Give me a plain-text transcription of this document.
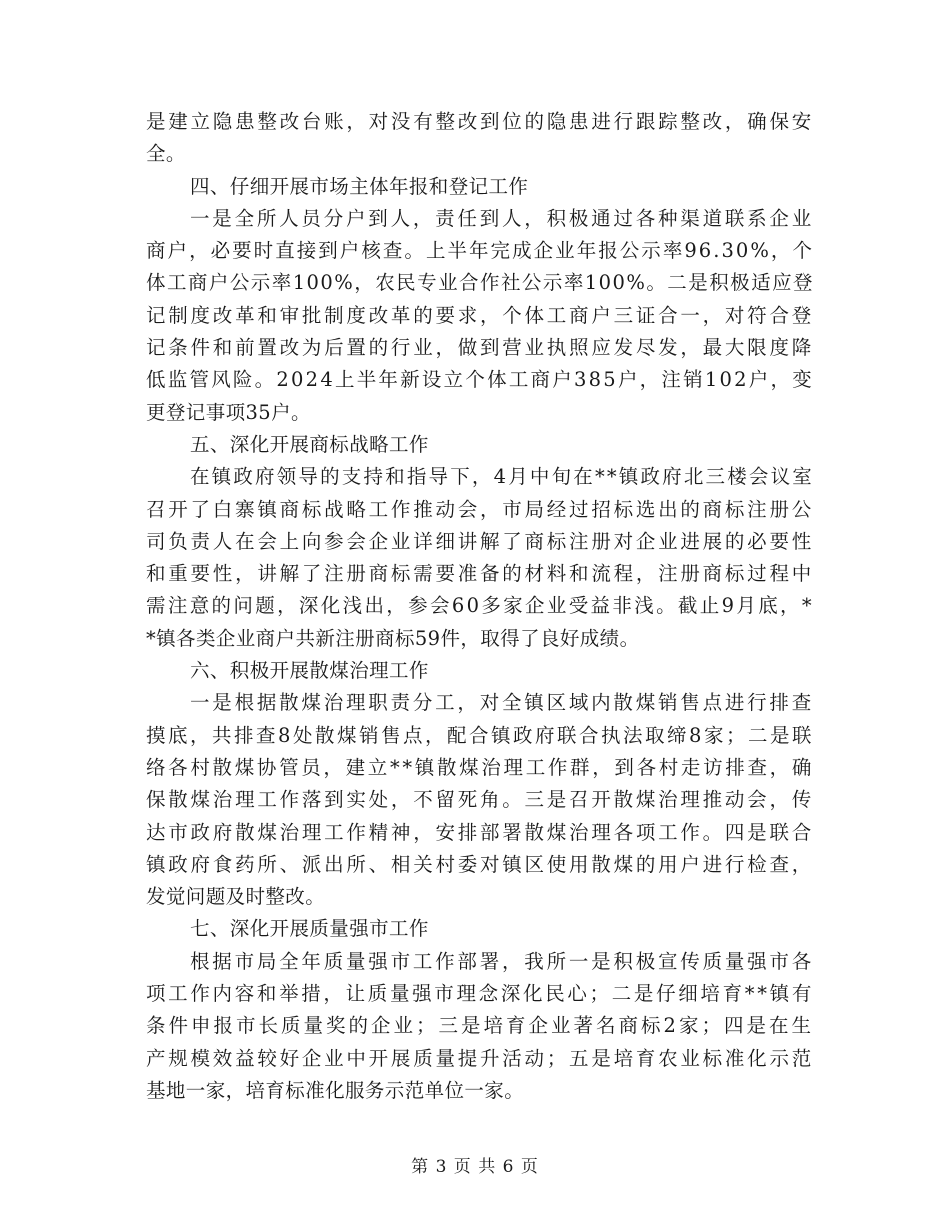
是建立隐患整改台账，对没有整改到位的隐患进行跟踪整改，确保安
全。
四、仔细开展市场主体年报和登记工作
一是全所人员分户到人，责任到人，积极通过各种渠道联系企业
商户，必要时直接到户核查。上半年完成企业年报公示率96.30%，个
体工商户公示率100%，农民专业合作社公示率100%。二是积极适应登
记制度改革和审批制度改革的要求，个体工商户三证合一，对符合登
记条件和前置改为后置的行业，做到营业执照应发尽发，最大限度降
低监管风险。2024上半年新设立个体工商户385户，注销102户，变
更登记事项35户。
五、深化开展商标战略工作
在镇政府领导的支持和指导下，4月中旬在**镇政府北三楼会议室
召开了白寨镇商标战略工作推动会，市局经过招标选出的商标注册公
司负责人在会上向参会企业详细讲解了商标注册对企业进展的必要性
和重要性，讲解了注册商标需要准备的材料和流程，注册商标过程中
需注意的问题，深化浅出，参会60多家企业受益非浅。截止9月底，*
*镇各类企业商户共新注册商标59件，取得了良好成绩。
六、积极开展散煤治理工作
一是根据散煤治理职责分工，对全镇区域内散煤销售点进行排查
摸底，共排查8处散煤销售点，配合镇政府联合执法取缔8家；二是联
络各村散煤协管员，建立**镇散煤治理工作群，到各村走访排查，确
保散煤治理工作落到实处，不留死角。三是召开散煤治理推动会，传
达市政府散煤治理工作精神，安排部署散煤治理各项工作。四是联合
镇政府食药所、派出所、相关村委对镇区使用散煤的用户进行检查，
发觉问题及时整改。
七、深化开展质量强市工作
根据市局全年质量强市工作部署，我所一是积极宣传质量强市各
项工作内容和举措，让质量强市理念深化民心；二是仔细培育**镇有
条件申报市长质量奖的企业；三是培育企业著名商标2家；四是在生
产规模效益较好企业中开展质量提升活动；五是培育农业标准化示范
基地一家，培育标准化服务示范单位一家。
第 3 页 共 6 页
